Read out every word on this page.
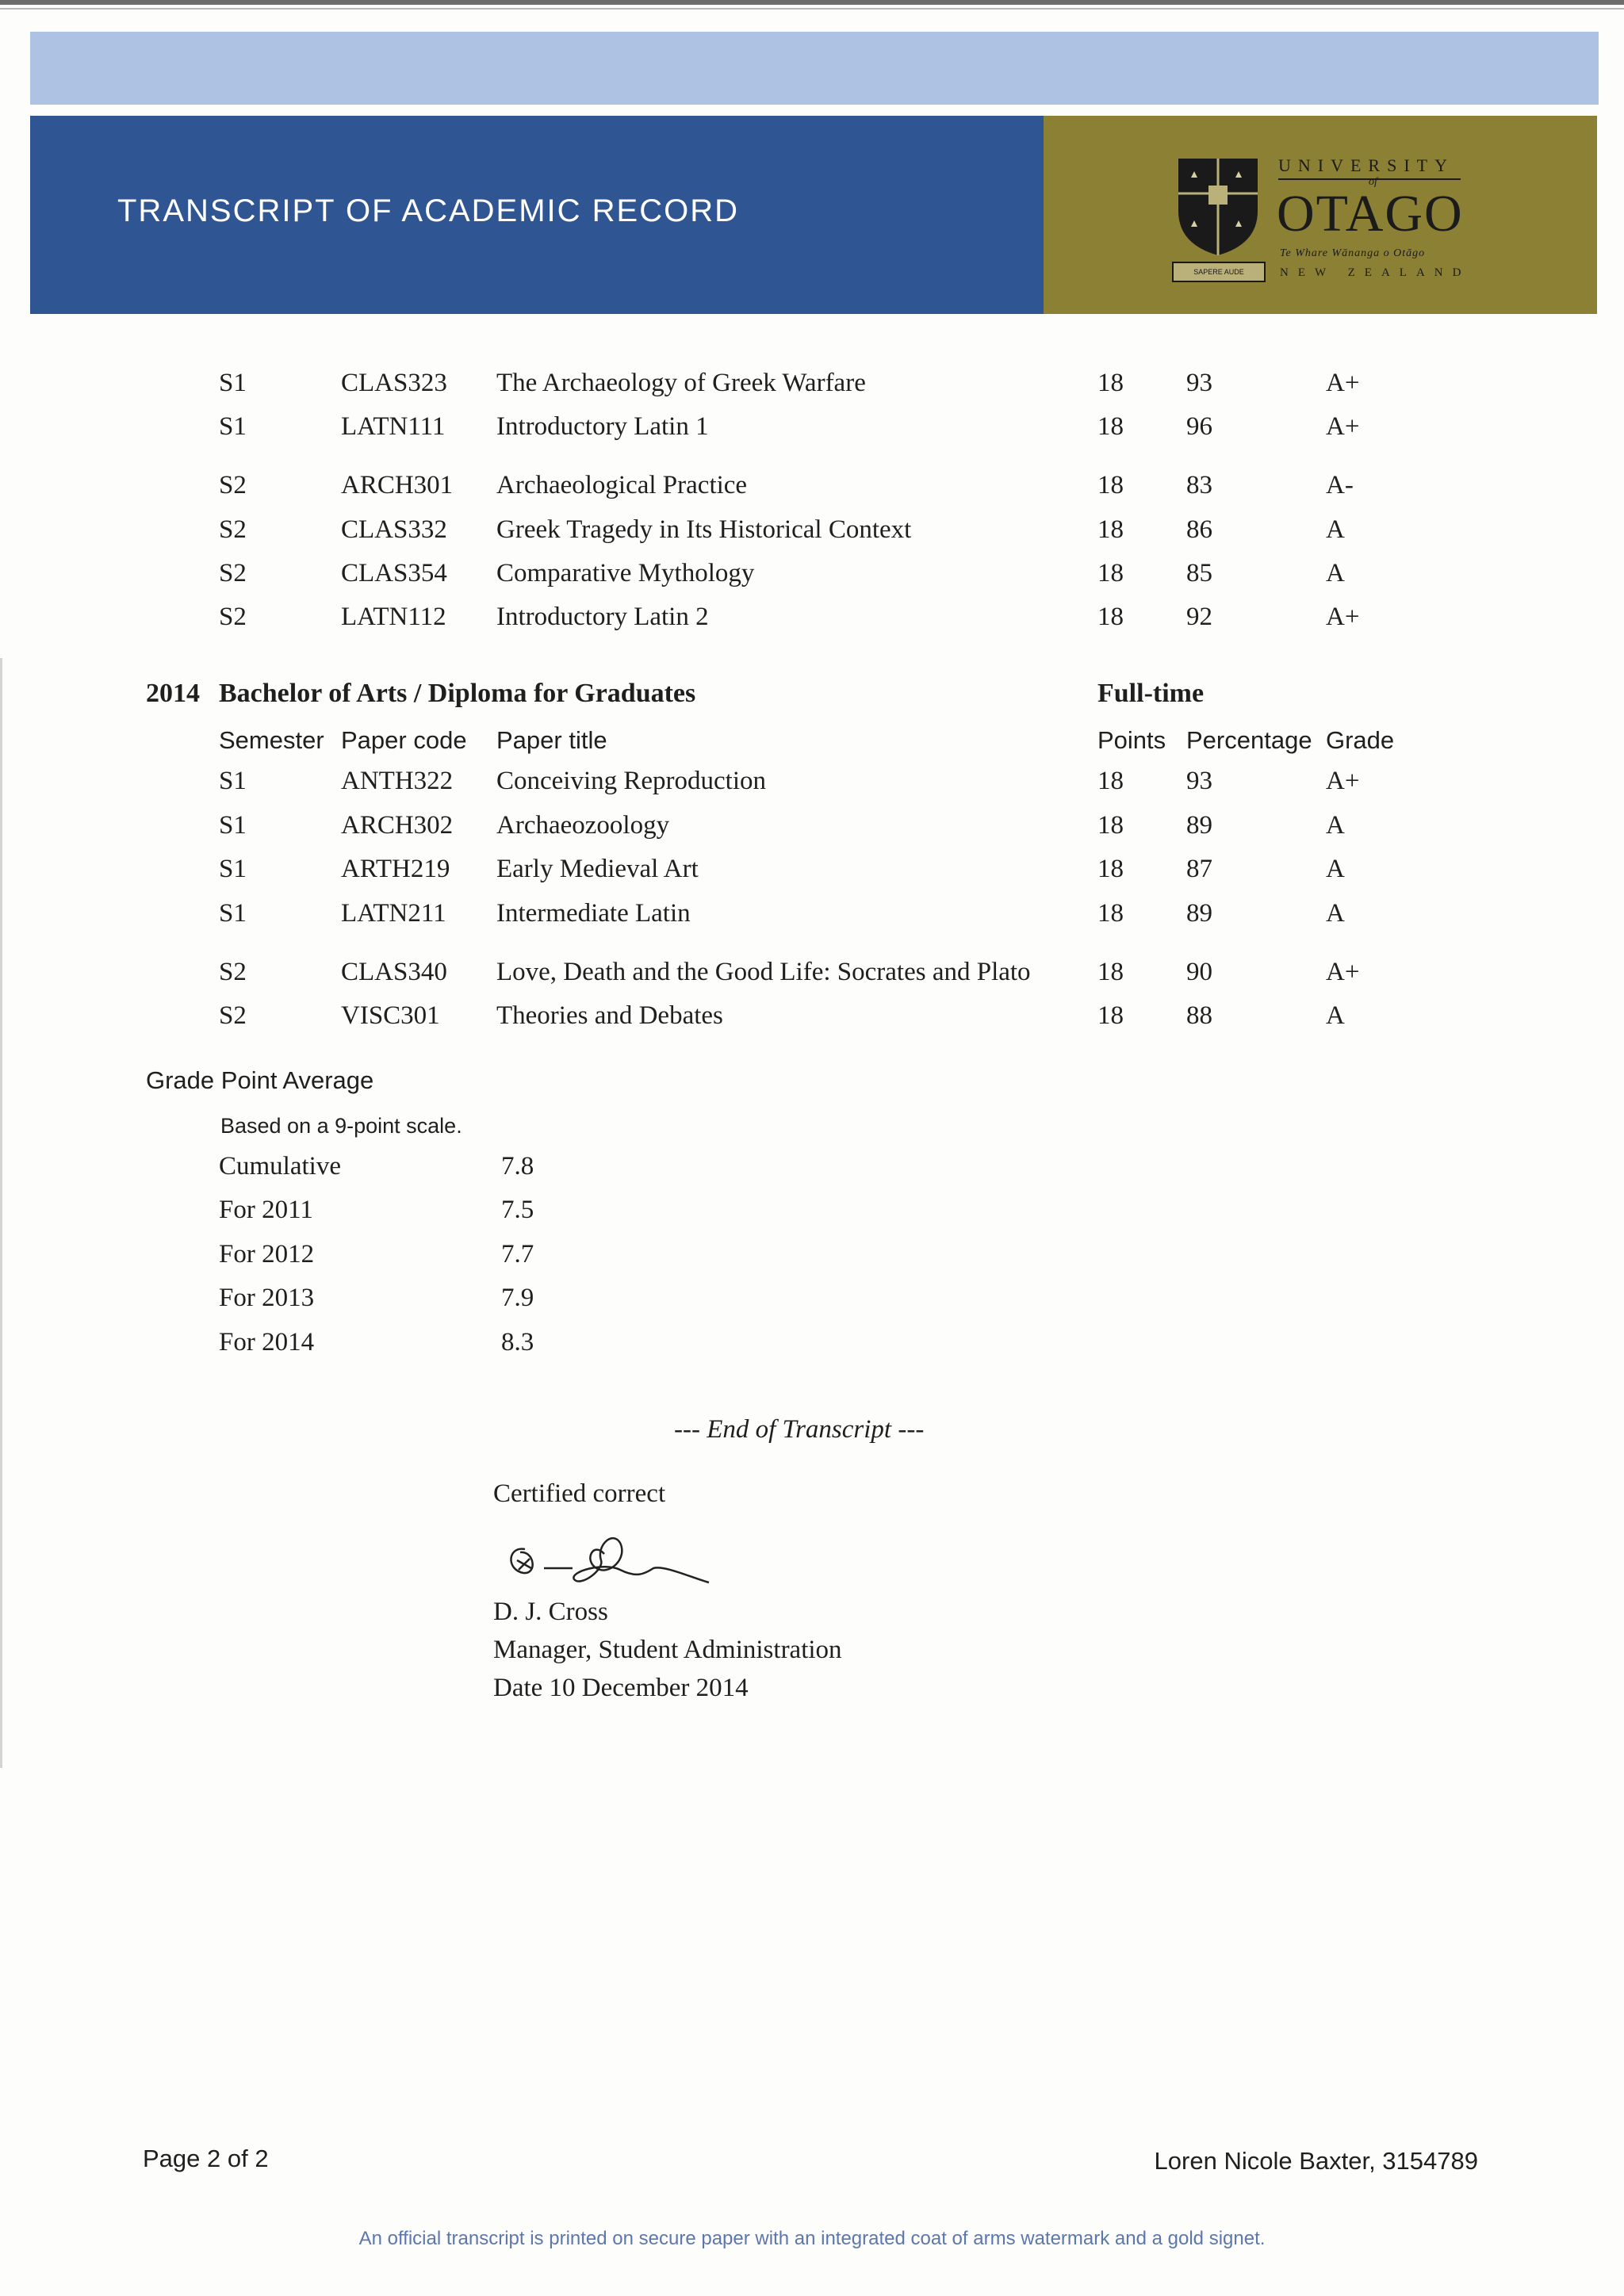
TRANSCRIPT OF ACADEMIC RECORD
SAPERE AUDE
UNIVERSITY
of
OTAGO
Te Whare Wānanga o Otāgo
NEW ZEALAND
S1	CLAS323 The Archaeology of Greek Warfare	18 93	A+
S1	LATN111 Introductory Latin 1	18 96	A+
S2	ARCH301 Archaeological Practice	18 83	A-
S2	CLAS332 Greek Tragedy in Its Historical Context	18 86	A
S2	CLAS354 Comparative Mythology	18 85	A
S2	LATN112 Introductory Latin 2	18 92	A+
2014 Bachelor of Arts / Diploma for Graduates	Full-time
Semester Paper code Paper title	Points Percentage Grade
S1	ANTH322 Conceiving Reproduction	18 93	A+
S1	ARCH302 Archaeozoology	18 89	A
S1	ARTH219 Early Medieval Art	18 87	A
S1	LATN211 Intermediate Latin	18 89	A
S2	CLAS340 Love, Death and the Good Life: Socrates and Plato	18 90	A+
S2	VISC301 Theories and Debates	18 88	A
Grade Point Average
Based on a 9-point scale.
Cumulative	7.8
For 2011	7.5
For 2012	7.7
For 2013	7.9
For 2014	8.3
--- End of Transcript ---
Certified correct
D. J. Cross
Manager, Student Administration
Date 10 December 2014
Page 2 of 2	Loren Nicole Baxter, 3154789
An official transcript is printed on secure paper with an integrated coat of arms watermark and a gold signet.
